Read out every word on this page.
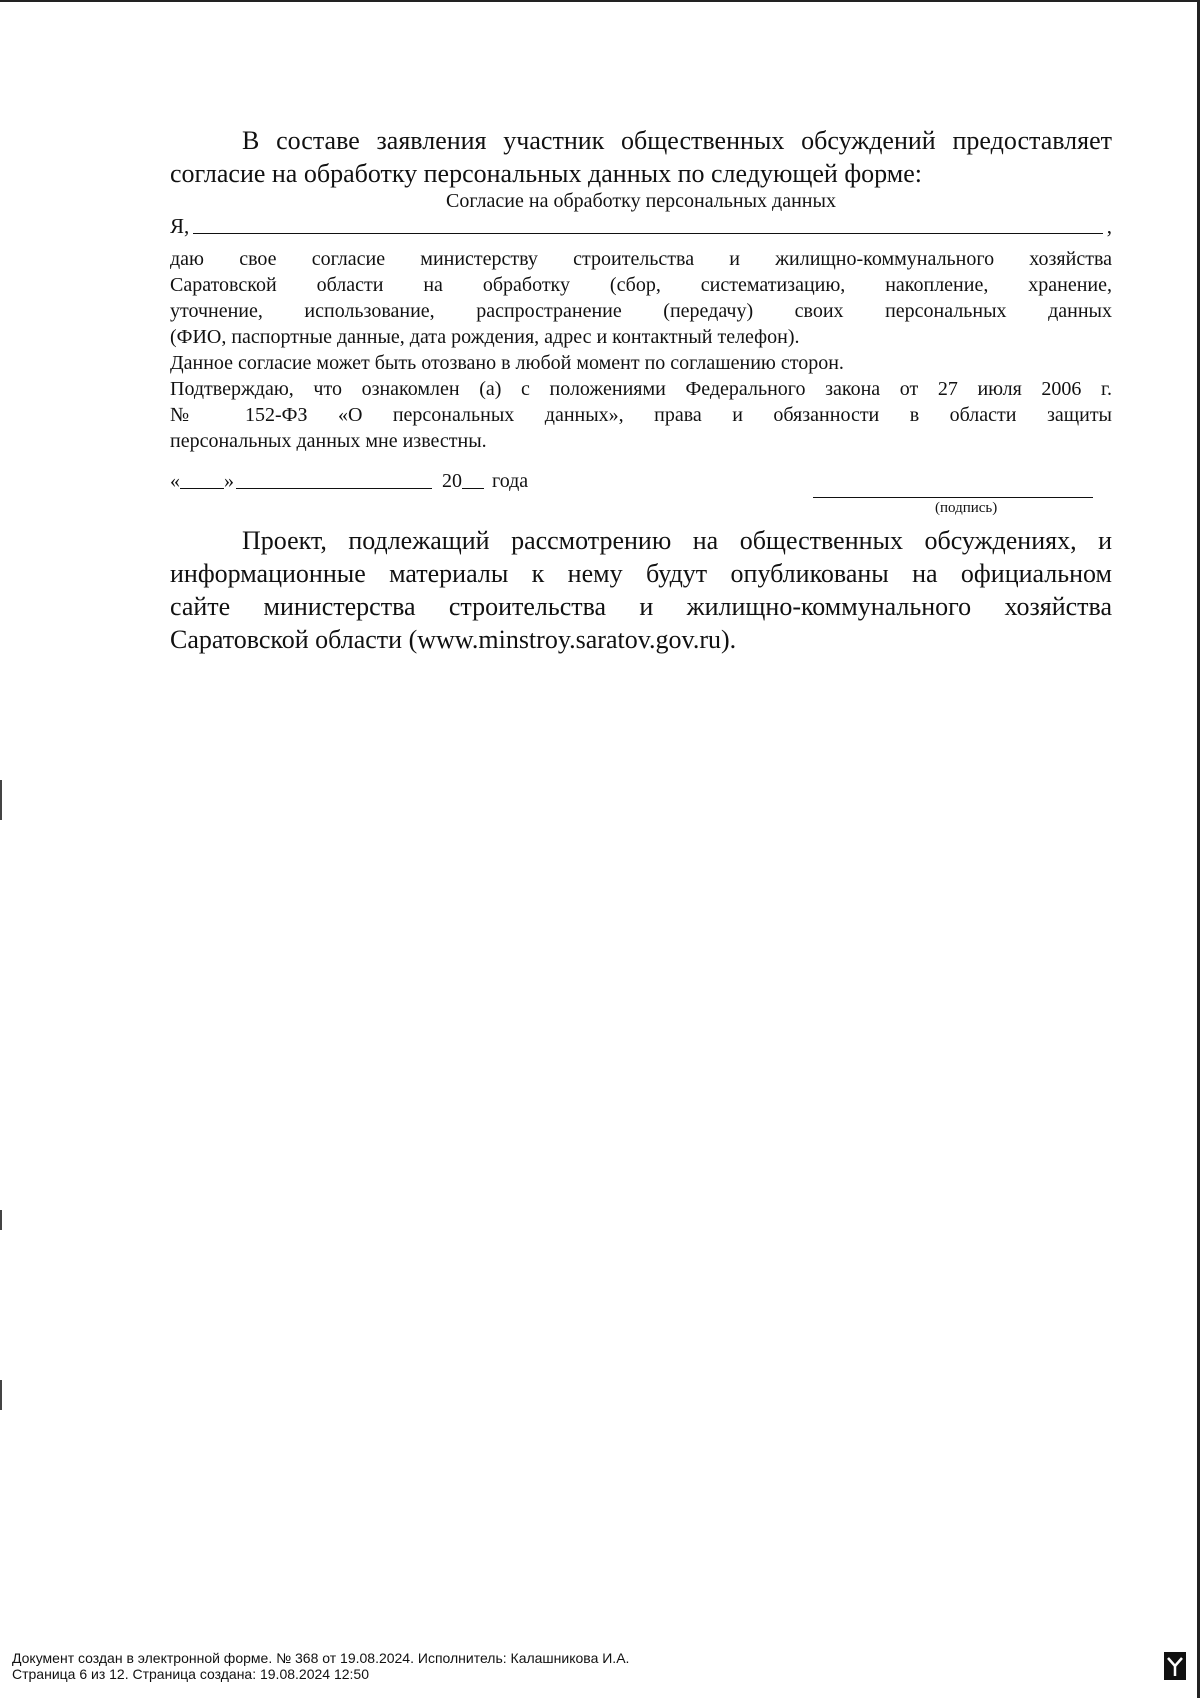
В составе заявления участник общественных обсуждений предоставляет
согласие на обработку персональных данных по следующей форме:
Согласие на обработку персональных данных
Я,	,
даю свое согласие министерству строительства и жилищно-коммунального хозяйства
Саратовской области на обработку (сбор, систематизацию, накопление, хранение,
уточнение, использование, распространение (передачу) своих персональных данных
(ФИО, паспортные данные, дата рождения, адрес и контактный телефон).
Данное согласие может быть отозвано в любой момент по соглашению сторон.
Подтверждаю, что ознакомлен (а) с положениями Федерального закона от 27 июля 2006 г.
№ 152-ФЗ «О персональных данных», права и обязанности в области защиты
персональных данных мне известны.
« »	20 года
(подпись)
Проект, подлежащий рассмотрению на общественных обсуждениях, и
информационные материалы к нему будут опубликованы на официальном
сайте министерства строительства и жилищно-коммунального хозяйства
Саратовской области (www.minstroy.saratov.gov.ru).
Документ создан в электронной форме. № 368 от 19.08.2024. Исполнитель: Калашникова И.А.
Страница 6 из 12. Страница создана: 19.08.2024 12:50
